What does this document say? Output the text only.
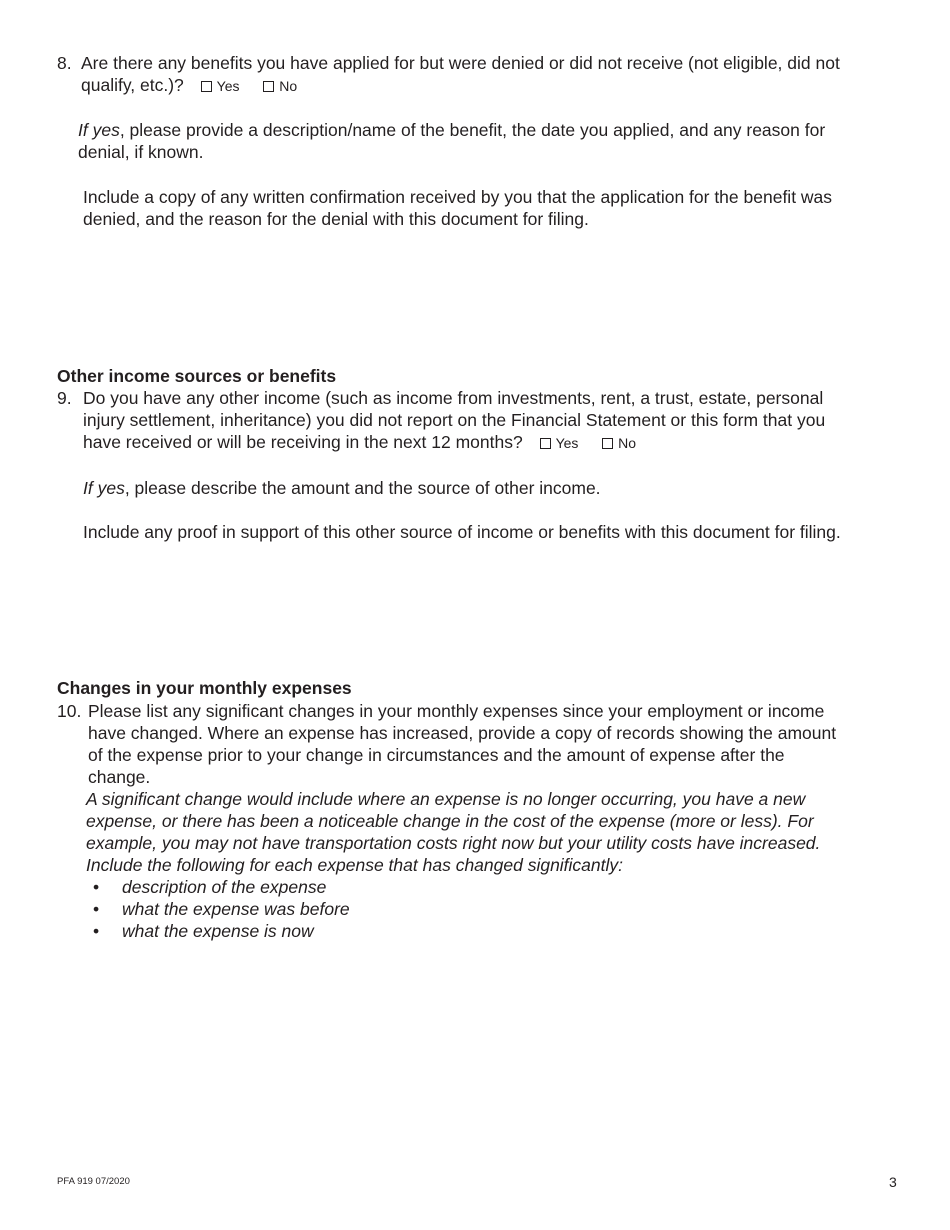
8. Are there any benefits you have applied for but were denied or did not receive (not eligible, did not
qualify, etc.)? Yes	No
If yes, please provide a description/name of the benefit, the date you applied, and any reason for
denial, if known.
Include a copy of any written confirmation received by you that the application for the benefit was
denied, and the reason for the denial with this document for filing.
Other income sources or benefits
9. Do you have any other income (such as income from investments, rent, a trust, estate, personal
injury settlement, inheritance) you did not report on the Financial Statement or this form that you
have received or will be receiving in the next 12 months? Yes	No
If yes, please describe the amount and the source of other income.
Include any proof in support of this other source of income or benefits with this document for filing.
Changes in your monthly expenses
10. Please list any significant changes in your monthly expenses since your employment or income
have changed. Where an expense has increased, provide a copy of records showing the amount
of the expense prior to your change in circumstances and the amount of expense after the
change.
A significant change would include where an expense is no longer occurring, you have a new
expense, or there has been a noticeable change in the cost of the expense (more or less). For
example, you may not have transportation costs right now but your utility costs have increased.
Include the following for each expense that has changed significantly:
• description of the expense
• what the expense was before
• what the expense is now
PFA 919 07/2020	3
